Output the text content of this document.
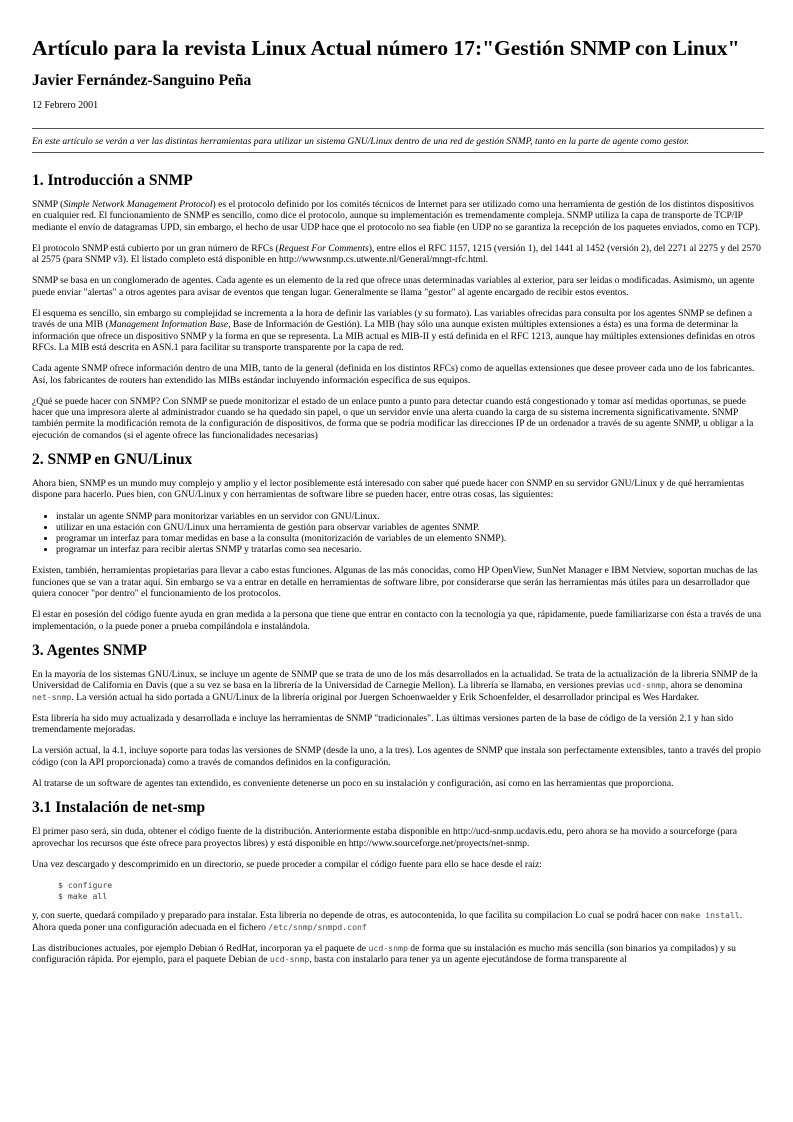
Artículo para la revista Linux Actual número 17:"Gestión SNMP con Linux"
Javier Fernández-Sanguino Peña
12 Febrero 2001
En este artículo se verán a ver las distintas herramientas para utilizar un sistema GNU/Linux dentro de una red de gestión SNMP, tanto en la parte de agente como gestor.
1. Introducción a SNMP

SNMP (Simple Network Management Protocol) es el protocolo definido por los comités técnicos de Internet para ser utilizado como una herramienta de gestión de los distintos dispositivos en cualquier red. El funcionamiento de SNMP es sencillo, como dice el protocolo, aunque su implementación es tremendamente compleja. SNMP utiliza la capa de transporte de TCP/IP mediante el envío de datagramas UPD, sin embargo, el hecho de usar UDP hace que el protocolo no sea fiable (en UDP no se garantiza la recepción de los paquetes enviados, como en TCP).

El protocolo SNMP está cubierto por un gran número de RFCs (Request For Comments), entre ellos el RFC 1157, 1215 (versión 1), del 1441 al 1452 (versión 2), del 2271 al 2275 y del 2570 al 2575 (para SNMP v3). El listado completo está disponible en http://wwwsnmp.cs.utwente.nl/General/mngt-rfc.html.

SNMP se basa en un conglomerado de agentes. Cada agente es un elemento de la red que ofrece unas determinadas variables al exterior, para ser leídas o modificadas. Asimismo, un agente puede enviar "alertas" a otros agentes para avisar de eventos que tengan lugar. Generalmente se llama "gestor" al agente encargado de recibir estos eventos.

El esquema es sencillo, sin embargo su complejidad se incrementa a la hora de definir las variables (y su formato). Las variables ofrecidas para consulta por los agentes SNMP se definen a través de una MIB (Management Information Base, Base de Información de Gestión). La MIB (hay sólo una aunque existen múltiples extensiones a ésta) es una forma de determinar la información que ofrece un dispositivo SNMP y la forma en que se representa. La MIB actual es MIB-II y está definida en el RFC 1213, aunque hay múltiples extensiones definidas en otros RFCs. La MIB está descrita en ASN.1 para facilitar su transporte transparente por la capa de red.

Cada agente SNMP ofrece información dentro de una MIB, tanto de la general (definida en los distintos RFCs) como de aquellas extensiones que desee proveer cada uno de los fabricantes. Así, los fabricantes de routers han extendido las MIBs estándar incluyendo información específica de sus equipos.

¿Qué se puede hacer con SNMP? Con SNMP se puede monitorizar el estado de un enlace punto a punto para detectar cuando está congestionado y tomar así medidas oportunas, se puede hacer que una impresora alerte al administrador cuando se ha quedado sin papel, o que un servidor envíe una alerta cuando la carga de su sistema incrementa significativamente. SNMP también permite la modificación remota de la configuración de dispositivos, de forma que se podría modificar las direcciones IP de un ordenador a través de su agente SNMP, u obligar a la ejecución de comandos (si el agente ofrece las funcionalidades necesarias)

2. SNMP en GNU/Linux

Ahora bien, SNMP es un mundo muy complejo y amplio y el lector posiblemente está interesado con saber qué puede hacer con SNMP en su servidor GNU/Linux y de qué herramientas dispone para hacerlo. Pues bien, con GNU/Linux y con herramientas de software libre se pueden hacer, entre otras cosas, las siguientes:

• instalar un agente SNMP para monitorizar variables en un servidor con GNU/Linux.
• utilizar en una estación con GNU/Linux una herramienta de gestión para observar variables de agentes SNMP.
• programar un interfaz para tomar medidas en base a la consulta (monitorización de variables de un elemento SNMP).
• programar un interfaz para recibir alertas SNMP y tratarlas como sea necesario.

Existen, también, herramientas propietarias para llevar a cabo estas funciones. Algunas de las más conocidas, como HP OpenView, SunNet Manager e IBM Netview, soportan muchas de las funciones que se van a tratar aquí. Sin embargo se va a entrar en detalle en herramientas de software libre, por considerarse que serán las herramientas más útiles para un desarrollador que quiera conocer "por dentro" el funcionamiento de los protocolos.

El estar en posesión del código fuente ayuda en gran medida a la persona que tiene que entrar en contacto con la tecnología ya que, rápidamente, puede familiarizarse con ésta a través de una implementación, o la puede poner a prueba compilándola e instalándola.

3. Agentes SNMP

En la mayoría de los sistemas GNU/Linux, se incluye un agente de SNMP que se trata de uno de los más desarrollados en la actualidad. Se trata de la actualización de la librería SNMP de la Universidad de California en Davis (que a su vez se basa en la librería de la Universidad de Carnegie Mellon). La librería se llamaba, en versiones previas ucd-snmp, ahora se denomina net-snmp. La versión actual ha sido portada a GNU/Linux de la librería original por Juergen Schoenwaelder y Erik Schoenfelder, el desarrollador principal es Wes Hardaker.

Esta librería ha sido muy actualizada y desarrollada e incluye las herramientas de SNMP "tradicionales". Las últimas versiones parten de la base de código de la versión 2.1 y han sido tremendamente mejoradas.

La versión actual, la 4.1, incluye soporte para todas las versiones de SNMP (desde la uno, a la tres). Los agentes de SNMP que instala son perfectamente extensibles, tanto a través del propio código (con la API proporcionada) como a través de comandos definidos en la configuración.

Al tratarse de un software de agentes tan extendido, es conveniente detenerse un poco en su instalación y configuración, así como en las herramientas que proporciona.

3.1 Instalación de net-smp

El primer paso será, sin duda, obtener el código fuente de la distribución. Anteriormente estaba disponible en http://ucd-snmp.ucdavis.edu, pero ahora se ha movido a sourceforge (para aprovechar los recursos que éste ofrece para proyectos libres) y está disponible en http://www.sourceforge.net/proyects/net-snmp.

Una vez descargado y descomprimido en un directorio, se puede proceder a compilar el código fuente para ello se hace desde el raíz:

$ configure
$ make all

y, con suerte, quedará compilado y preparado para instalar. Esta libreria no depende de otras, es autocontenida, lo que facilita su compilacion Lo cual se podrá hacer con make install. Ahora queda poner una configuración adecuada en el fichero /etc/snmp/snmpd.conf

Las distribuciones actuales, por ejemplo Debian ó RedHat, incorporan ya el paquete de ucd-snmp de forma que su instalación es mucho más sencilla (son binarios ya compilados) y su configuración rápida. Por ejemplo, para el paquete Debian de ucd-snmp, basta con instalarlo para tener ya un agente ejecutándose de forma transparente al
